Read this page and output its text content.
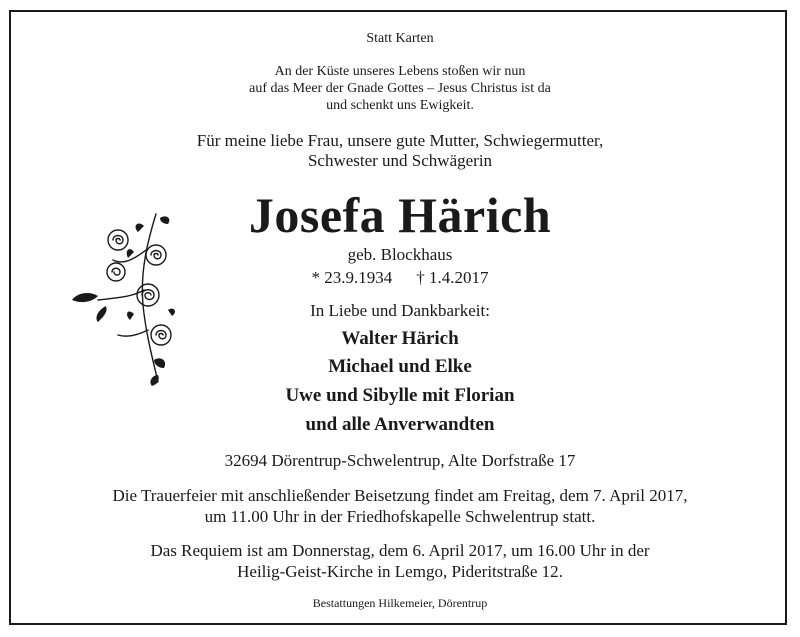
Statt Karten
An der Küste unseres Lebens stoßen wir nun
auf das Meer der Gnade Gottes – Jesus Christus ist da
und schenkt uns Ewigkeit.
Für meine liebe Frau, unsere gute Mutter, Schwiegermutter,
Schwester und Schwägerin
Josefa Härich
geb. Blockhaus
* 23.9.1934 † 1.4.2017
In Liebe und Dankbarkeit:
Walter Härich
Michael und Elke
Uwe und Sibylle mit Florian
und alle Anverwandten
32694 Dörentrup-Schwelentrup, Alte Dorfstraße 17
Die Trauerfeier mit anschließender Beisetzung findet am Freitag, dem 7. April 2017,
um 11.00 Uhr in der Friedhofskapelle Schwelentrup statt.
Das Requiem ist am Donnerstag, dem 6. April 2017, um 16.00 Uhr in der
Heilig-Geist-Kirche in Lemgo, Pideritstraße 12.
Bestattungen Hilkemeier, Dörentrup
